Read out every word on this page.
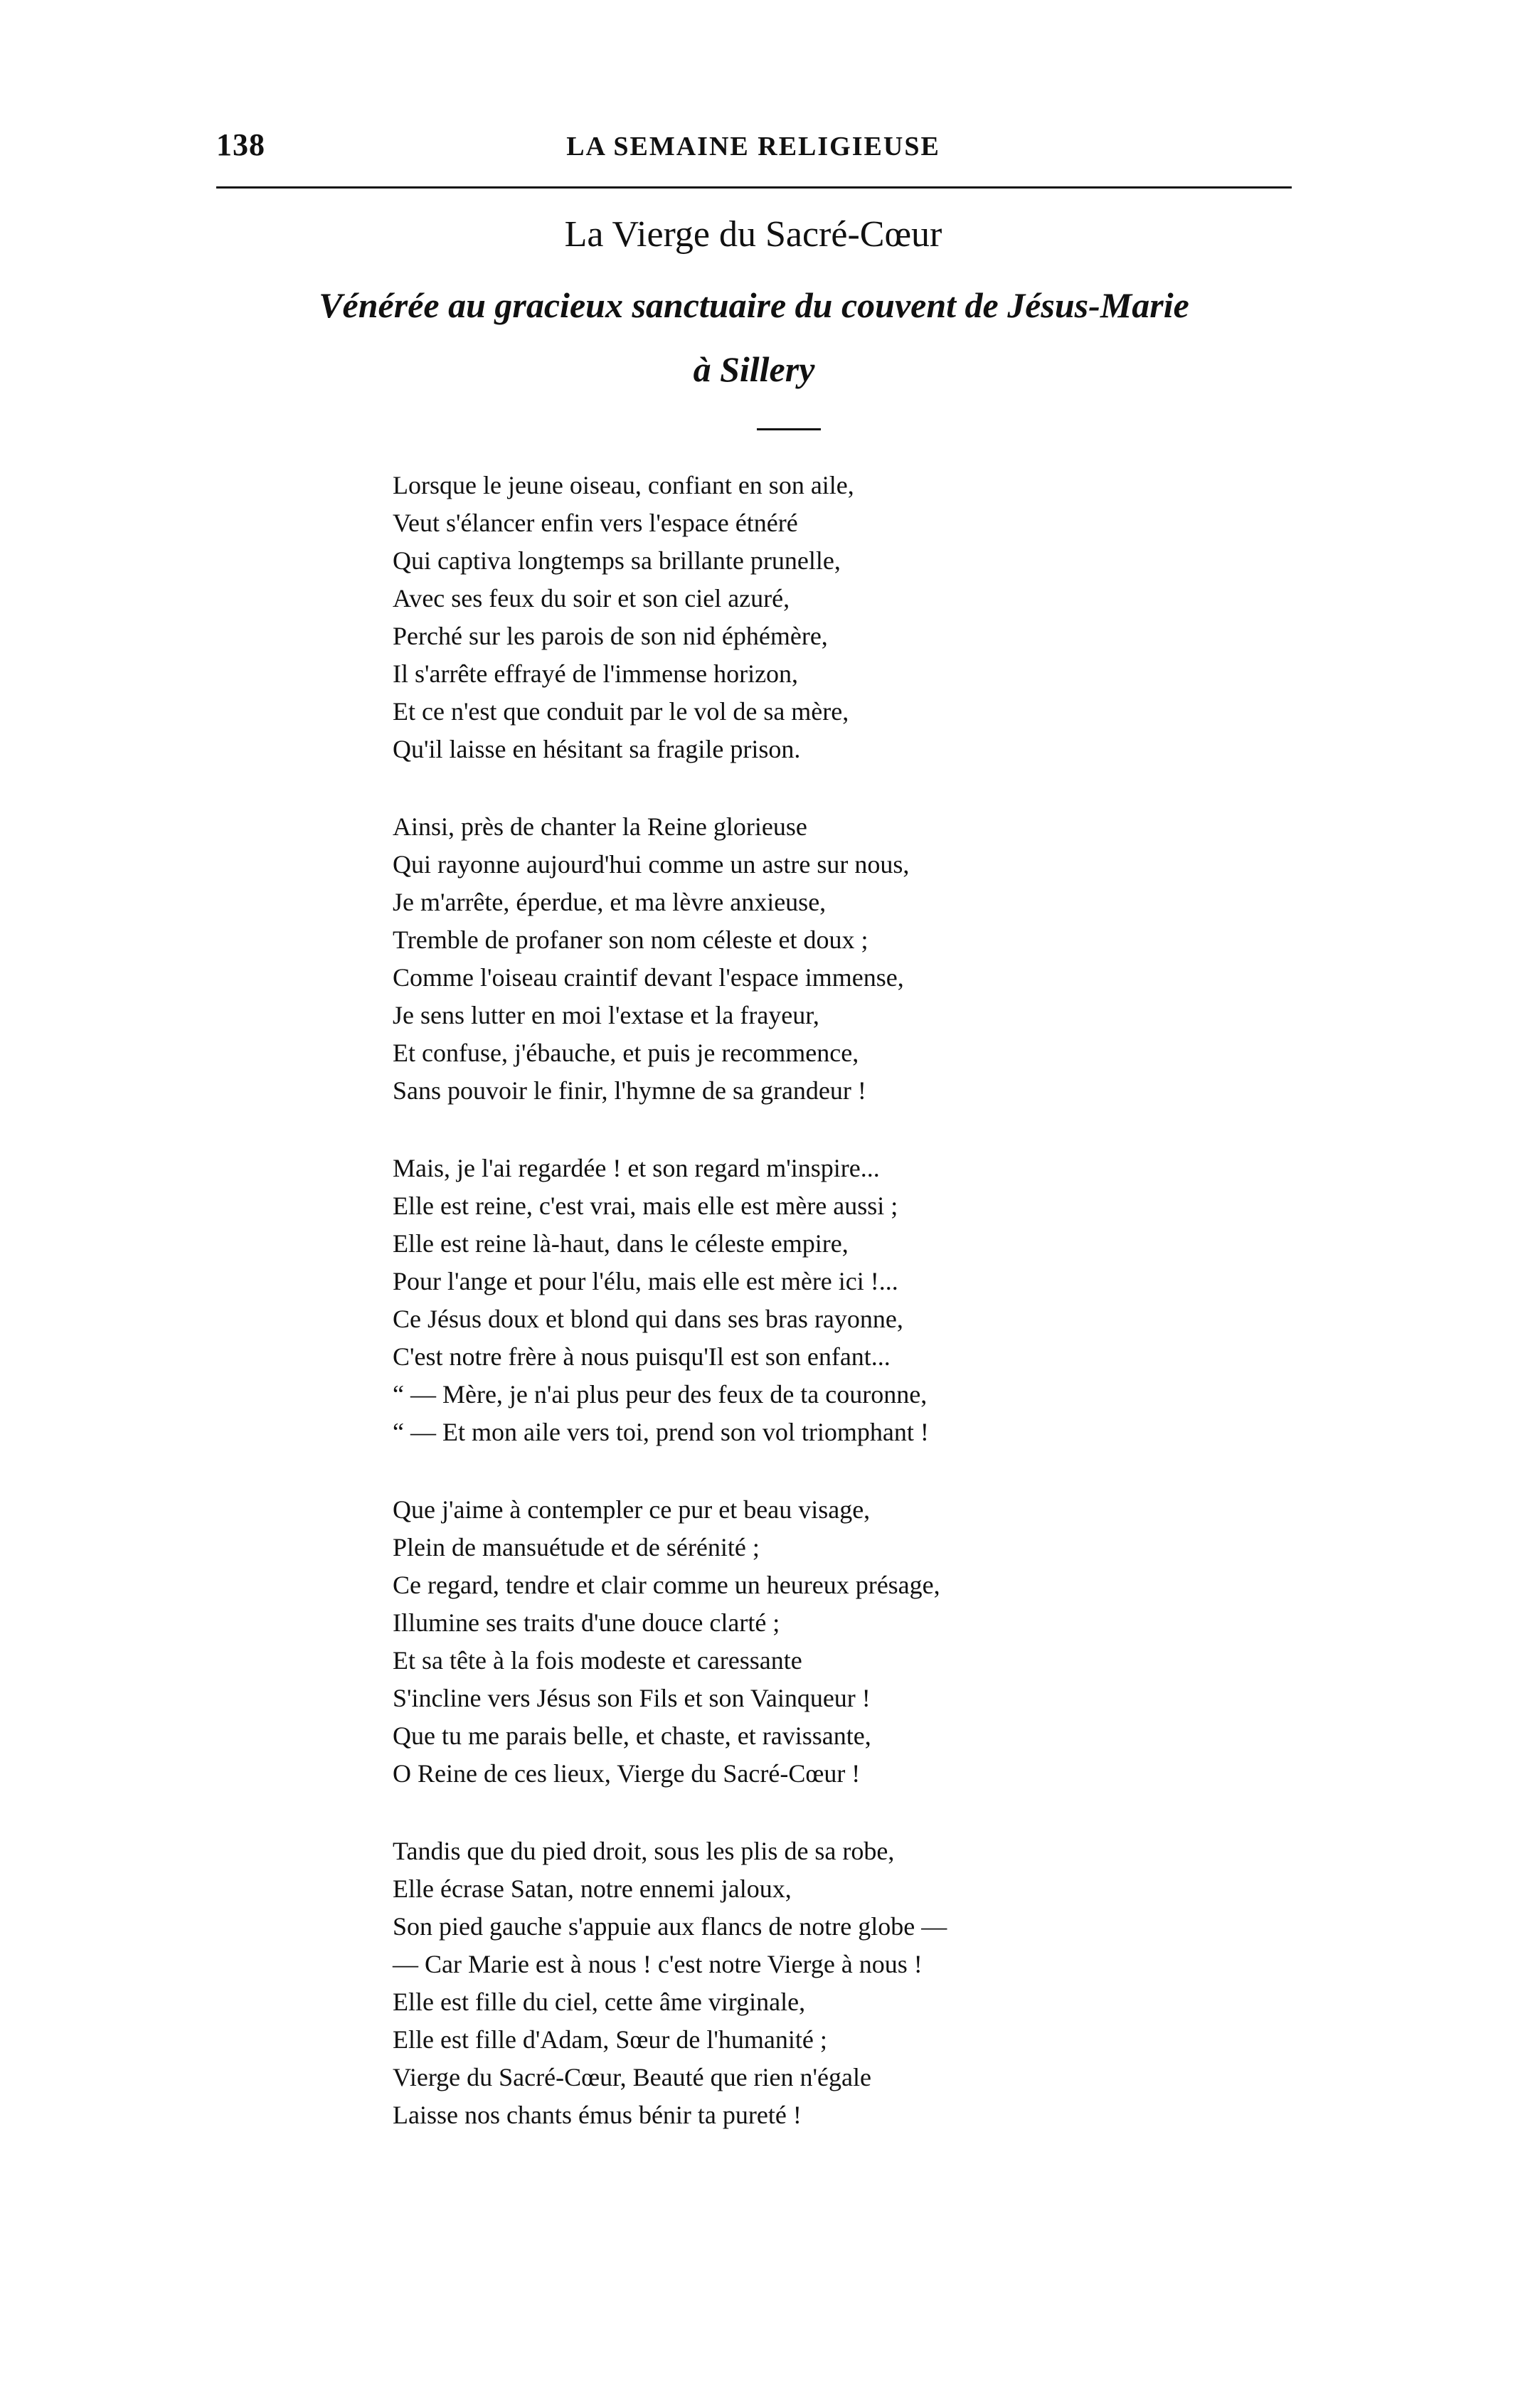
138	LA SEMAINE RELIGIEUSE
La Vierge du Sacré-Cœur
Vénérée au gracieux sanctuaire du couvent de Jésus-Marie
à Sillery
Lorsque le jeune oiseau, confiant en son aile,
Veut s'élancer enfin vers l'espace étnéré
Qui captiva longtemps sa brillante prunelle,
Avec ses feux du soir et son ciel azuré,
Perché sur les parois de son nid éphémère,
Il s'arrête effrayé de l'immense horizon,
Et ce n'est que conduit par le vol de sa mère,
Qu'il laisse en hésitant sa fragile prison.
Ainsi, près de chanter la Reine glorieuse
Qui rayonne aujourd'hui comme un astre sur nous,
Je m'arrête, éperdue, et ma lèvre anxieuse,
Tremble de profaner son nom céleste et doux ;
Comme l'oiseau craintif devant l'espace immense,
Je sens lutter en moi l'extase et la frayeur,
Et confuse, j'ébauche, et puis je recommence,
Sans pouvoir le finir, l'hymne de sa grandeur !
Mais, je l'ai regardée ! et son regard m'inspire...
Elle est reine, c'est vrai, mais elle est mère aussi ;
Elle est reine là-haut, dans le céleste empire,
Pour l'ange et pour l'élu, mais elle est mère ici !...
Ce Jésus doux et blond qui dans ses bras rayonne,
C'est notre frère à nous puisqu'Il est son enfant...
“ — Mère, je n'ai plus peur des feux de ta couronne,
“ — Et mon aile vers toi, prend son vol triomphant !
Que j'aime à contempler ce pur et beau visage,
Plein de mansuétude et de sérénité ;
Ce regard, tendre et clair comme un heureux présage,
Illumine ses traits d'une douce clarté ;
Et sa tête à la fois modeste et caressante
S'incline vers Jésus son Fils et son Vainqueur !
Que tu me parais belle, et chaste, et ravissante,
O Reine de ces lieux, Vierge du Sacré-Cœur !
Tandis que du pied droit, sous les plis de sa robe,
Elle écrase Satan, notre ennemi jaloux,
Son pied gauche s'appuie aux flancs de notre globe —
— Car Marie est à nous ! c'est notre Vierge à nous !
Elle est fille du ciel, cette âme virginale,
Elle est fille d'Adam, Sœur de l'humanité ;
Vierge du Sacré-Cœur, Beauté que rien n'égale
Laisse nos chants émus bénir ta pureté !
